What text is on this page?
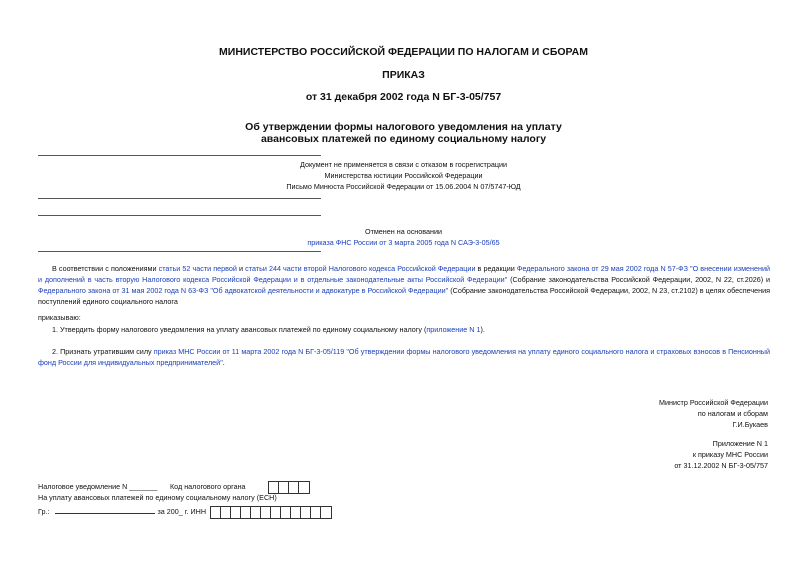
МИНИСТЕРСТВО РОССИЙСКОЙ ФЕДЕРАЦИИ ПО НАЛОГАМ И СБОРАМ
ПРИКАЗ
от 31 декабря 2002 года N БГ-3-05/757
Об утверждении формы налогового уведомления на уплату
авансовых платежей по единому социальному налогу
Документ не применяется в связи с отказом в госрегистрации
Министерства юстиции Российской Федерации
Письмо Минюста Российской Федерации от 15.06.2004 N 07/5747-ЮД
Отменен на основании
приказа ФНС России от 3 марта 2005 года N САЭ-3-05/65
В соответствии с положениями статьи 52 части первой и статьи 244 части второй Налогового кодекса Российской Федерации в редакции Федерального закона от 29 мая 2002 года N 57-ФЗ "О внесении изменений и дополнений в часть вторую Налогового кодекса Российской Федерации и в отдельные законодательные акты Российской Федерации" (Собрание законодательства Российской Федерации, 2002, N 22, ст.2026) и Федерального закона от 31 мая 2002 года N 63-ФЗ "Об адвокатской деятельности и адвокатуре в Российской Федерации" (Собрание законодательства Российской Федерации, 2002, N 23, ст.2102) в целях обеспечения поступлений единого социального налога
приказываю:
1. Утвердить форму налогового уведомления на уплату авансовых платежей по единому социальному налогу (приложение N 1).
2. Признать утратившим силу приказ МНС России от 11 марта 2002 года N БГ-3-05/119 "Об утверждении формы налогового уведомления на уплату единого социального налога и страховых взносов в Пенсионный фонд России для индивидуальных предпринимателей".
Министр Российской Федерации
по налогам и сборам
Г.И.Букаев
Приложение N 1
к приказу МНС России
от 31.12.2002 N БГ-3-05/757
Налоговое уведомление N _______ Код налогового органа
На уплату авансовых платежей по единому социальному налогу (ЕСН)
Гр.:	за 200_ г. ИНН
